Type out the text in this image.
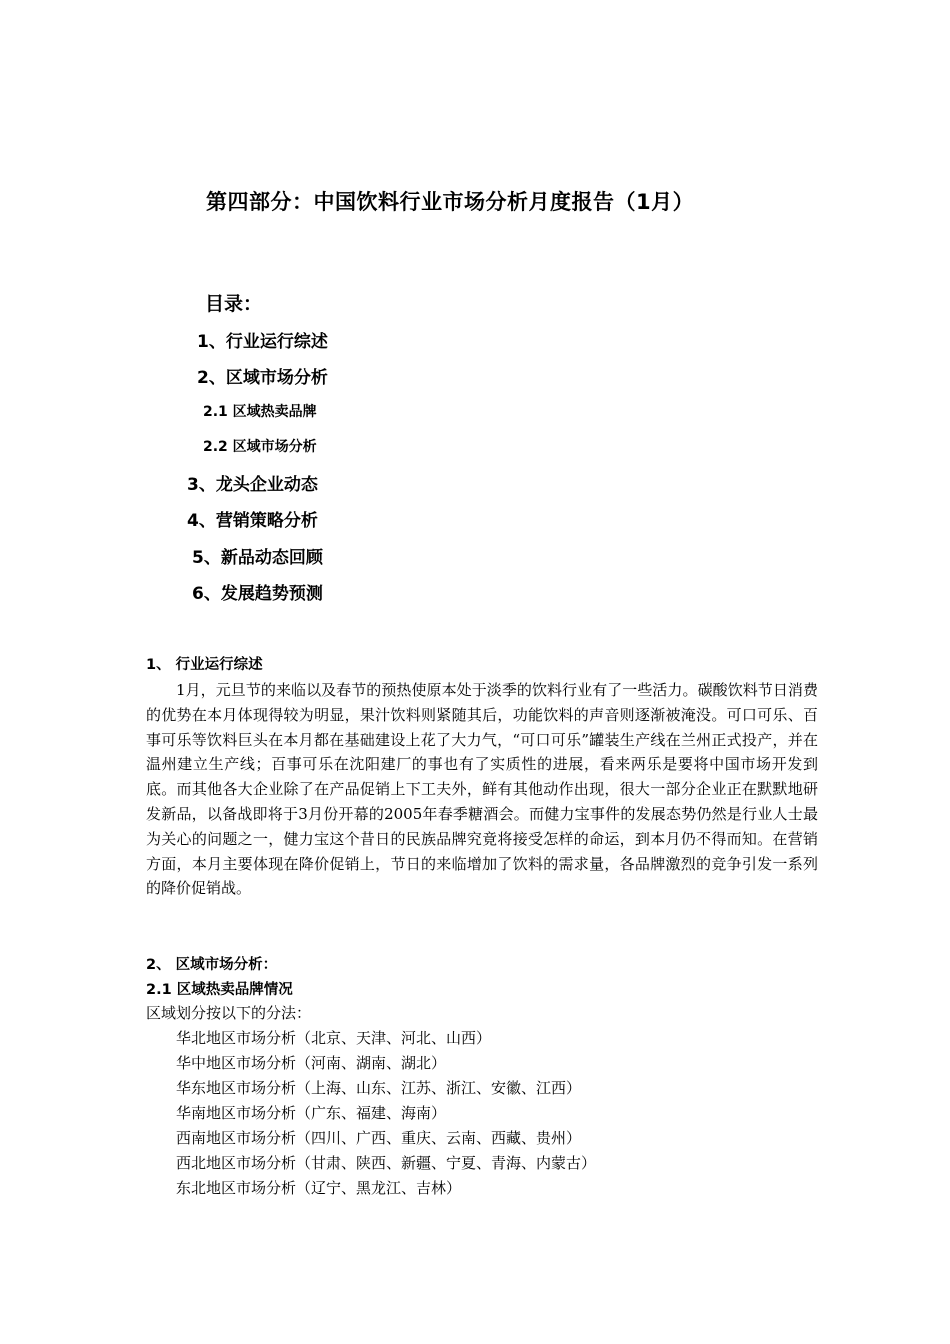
第四部分：中国饮料行业市场分析月度报告（1月）
目录：
1、行业运行综述
2、区域市场分析
2.1 区域热卖品牌
2.2 区域市场分析
3、龙头企业动态
4、营销策略分析
5、新品动态回顾
6、发展趋势预测
1、 行业运行综述
1月，元旦节的来临以及春节的预热使原本处于淡季的饮料行业有了一些活力。碳酸饮料节日消费的优势在本月体现得较为明显，果汁饮料则紧随其后，功能饮料的声音则逐渐被淹没。可口可乐、百事可乐等饮料巨头在本月都在基础建设上花了大力气，“可口可乐”罐装生产线在兰州正式投产，并在温州建立生产线；百事可乐在沈阳建厂的事也有了实质性的进展，看来两乐是要将中国市场开发到底。而其他各大企业除了在产品促销上下工夫外，鲜有其他动作出现，很大一部分企业正在默默地研发新品，以备战即将于3月份开幕的2005年春季糖酒会。而健力宝事件的发展态势仍然是行业人士最为关心的问题之一，健力宝这个昔日的民族品牌究竟将接受怎样的命运，到本月仍不得而知。在营销方面，本月主要体现在降价促销上，节日的来临增加了饮料的需求量，各品牌激烈的竞争引发一系列的降价促销战。
2、 区域市场分析：
2.1 区域热卖品牌情况
区域划分按以下的分法：
华北地区市场分析（北京、天津、河北、山西）
华中地区市场分析（河南、湖南、湖北）
华东地区市场分析（上海、山东、江苏、浙江、安徽、江西）
华南地区市场分析（广东、福建、海南）
西南地区市场分析（四川、广西、重庆、云南、西藏、贵州）
西北地区市场分析（甘肃、陕西、新疆、宁夏、青海、内蒙古）
东北地区市场分析（辽宁、黑龙江、吉林）
